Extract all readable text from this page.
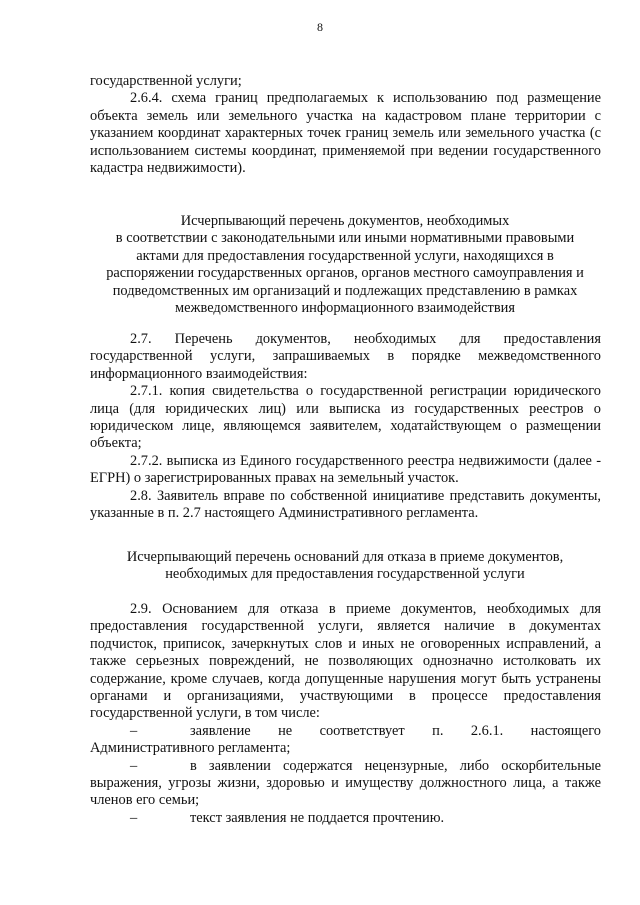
8

государственной услуги;

2.6.4. схема границ предполагаемых к использованию под размещение объекта земель или земельного участка на кадастровом плане территории с указанием координат характерных точек границ земель или земельного участка (с использованием системы координат, применяемой при ведении государственного кадастра недвижимости).

Исчерпывающий перечень документов, необходимых
в соответствии с законодательными или иными нормативными правовыми
актами для предоставления государственной услуги, находящихся в
распоряжении государственных органов, органов местного самоуправления и
подведомственных им организаций и подлежащих представлению в рамках
межведомственного информационного взаимодействия

2.7. Перечень документов, необходимых для предоставления государственной услуги, запрашиваемых в порядке межведомственного информационного взаимодействия:

2.7.1. копия свидетельства о государственной регистрации юридического лица (для юридических лиц) или выписка из государственных реестров о юридическом лице, являющемся заявителем, ходатайствующем о размещении объекта;

2.7.2. выписка из Единого государственного реестра недвижимости (далее - ЕГРН) о зарегистрированных правах на земельный участок.

2.8. Заявитель вправе по собственной инициативе представить документы, указанные в п. 2.7 настоящего Административного регламента.

Исчерпывающий перечень оснований для отказа в приеме документов,
необходимых для предоставления государственной услуги

2.9. Основанием для отказа в приеме документов, необходимых для предоставления государственной услуги, является наличие в документах подчисток, приписок, зачеркнутых слов и иных не оговоренных исправлений, а также серьезных повреждений, не позволяющих однозначно истолковать их содержание, кроме случаев, когда допущенные нарушения могут быть устранены органами и организациями, участвующими в процессе предоставления государственной услуги, в том числе:

–	заявление не соответствует п. 2.6.1. настоящего Административного регламента;

–	в заявлении содержатся нецензурные, либо оскорбительные выражения, угрозы жизни, здоровью и имуществу должностного лица, а также членов его семьи;

–	текст заявления не поддается прочтению.
